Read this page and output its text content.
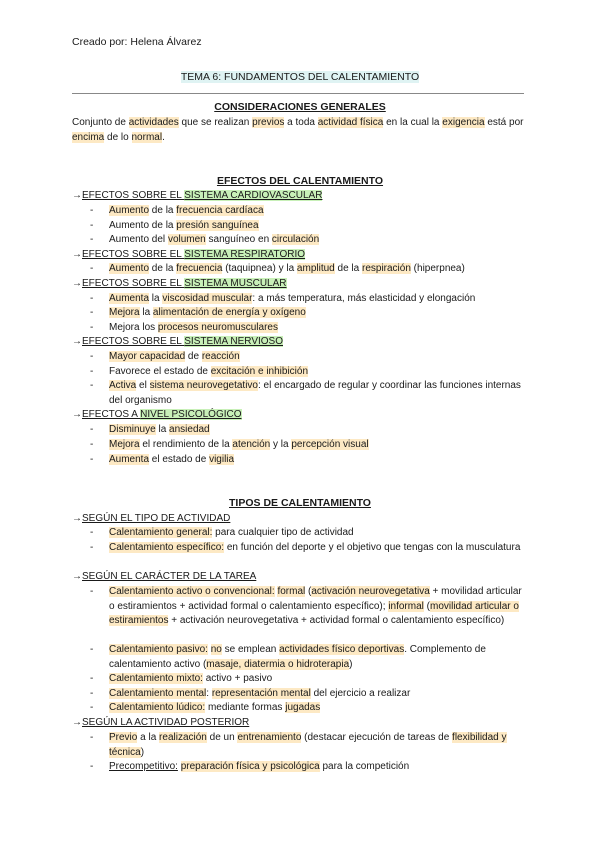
Creado por: Helena Álvarez
TEMA 6: FUNDAMENTOS DEL CALENTAMIENTO
CONSIDERACIONES GENERALES
Conjunto de actividades que se realizan previos a toda actividad física en la cual la exigencia está por encima de lo normal.
EFECTOS DEL CALENTAMIENTO
→EFECTOS SOBRE EL SISTEMA CARDIOVASCULAR
- Aumento de la frecuencia cardíaca
- Aumento de la presión sanguínea
- Aumento del volumen sanguíneo en circulación
→EFECTOS SOBRE EL SISTEMA RESPIRATORIO
- Aumento de la frecuencia (taquipnea) y la amplitud de la respiración (hiperpnea)
→EFECTOS SOBRE EL SISTEMA MUSCULAR
- Aumenta la viscosidad muscular: a más temperatura, más elasticidad y elongación
- Mejora la alimentación de energía y oxígeno
- Mejora los procesos neuromusculares
→EFECTOS SOBRE EL SISTEMA NERVIOSO
- Mayor capacidad de reacción
- Favorece el estado de excitación e inhibición
- Activa el sistema neurovegetativo: el encargado de regular y coordinar las funciones internas del organismo
→EFECTOS A NIVEL PSICOLÓGICO
- Disminuye la ansiedad
- Mejora el rendimiento de la atención y la percepción visual
- Aumenta el estado de vigilia
TIPOS DE CALENTAMIENTO
→SEGÚN EL TIPO DE ACTIVIDAD
- Calentamiento general: para cualquier tipo de actividad
- Calentamiento específico: en función del deporte y el objetivo que tengas con la musculatura
→SEGÚN EL CARÁCTER DE LA TAREA
- Calentamiento activo o convencional: formal (activación neurovegetativa + movilidad articular o estiramientos + actividad formal o calentamiento específico); informal (movilidad articular o estiramientos + activación neurovegetativa + actividad formal o calentamiento específico)
- Calentamiento pasivo: no se emplean actividades físico deportivas. Complemento de calentamiento activo (masaje, diatermia o hidroterapia)
- Calentamiento mixto: activo + pasivo
- Calentamiento mental: representación mental del ejercicio a realizar
- Calentamiento lúdico: mediante formas jugadas
→SEGÚN LA ACTIVIDAD POSTERIOR
- Previo a la realización de un entrenamiento (destacar ejecución de tareas de flexibilidad y técnica)
- Precompetitivo: preparación física y psicológica para la competición
